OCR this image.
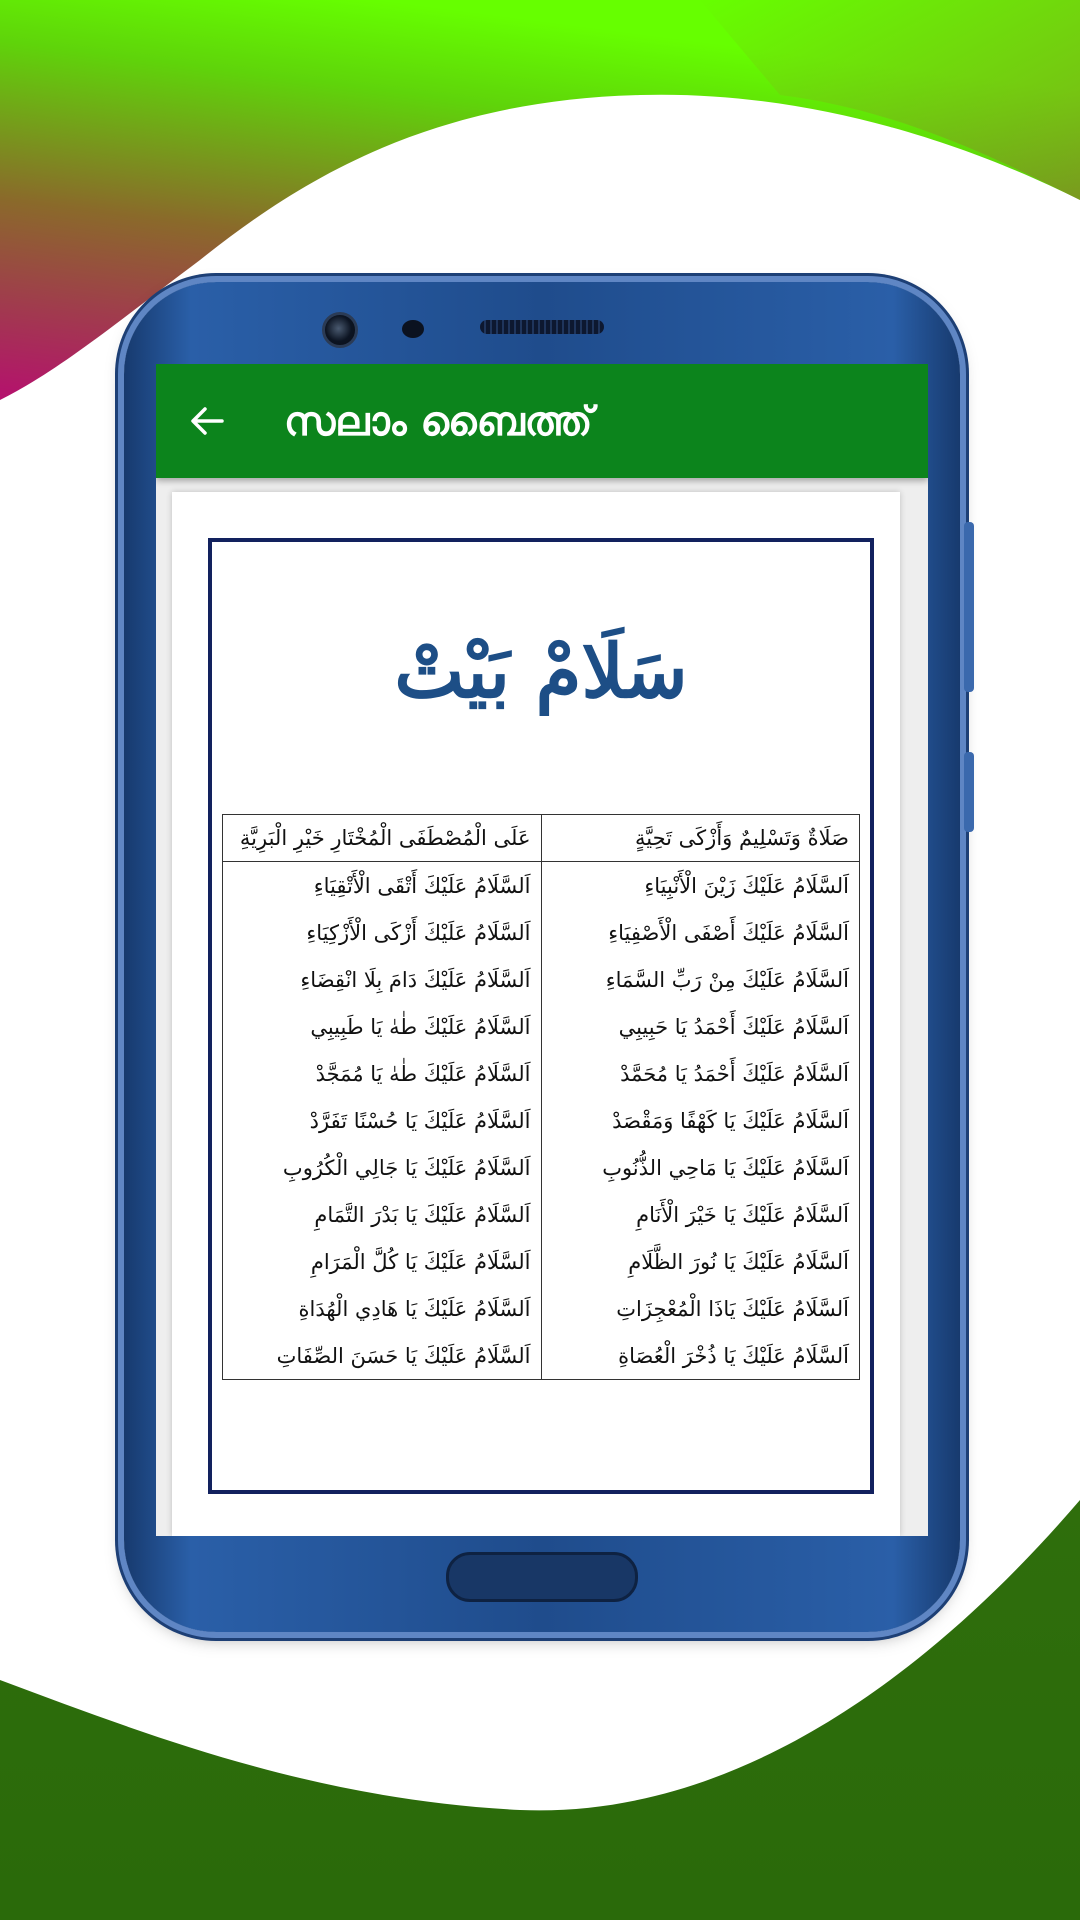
സലാം ബൈത്ത്
سَلَامْ بَيْتْ
صَلَاةٌ وَتَسْلِيمٌ وَأَزْكَى تَحِيَّةٍ	عَلَى الْمُصْطَفَى الْمُخْتَارِ خَيْرِ الْبَرِيَّةِ
اَلسَّلَامُ عَلَيْكَ زَيْنَ الْأَنْبِيَاءِ	اَلسَّلَامُ عَلَيْكَ أَتْقَى الْأَتْقِيَاءِ
اَلسَّلَامُ عَلَيْكَ أَصْفَى الْأَصْفِيَاءِ	اَلسَّلَامُ عَلَيْكَ أَزْكَى الْأَزْكِيَاءِ
اَلسَّلَامُ عَلَيْكَ مِنْ رَبِّ السَّمَاءِ	اَلسَّلَامُ عَلَيْكَ دَامَ بِلَا انْقِضَاءِ
اَلسَّلَامُ عَلَيْكَ أَحْمَدُ يَا حَبِيبِي	اَلسَّلَامُ عَلَيْكَ طٰهٰ يَا طَبِيبِي
اَلسَّلَامُ عَلَيْكَ أَحْمَدُ يَا مُحَمَّدْ	اَلسَّلَامُ عَلَيْكَ طٰهٰ يَا مُمَجَّدْ
اَلسَّلَامُ عَلَيْكَ يَا كَهْفًا وَمَقْصَدْ	اَلسَّلَامُ عَلَيْكَ يَا حُسْنًا تَفَرَّدْ
اَلسَّلَامُ عَلَيْكَ يَا مَاحِي الذُّنُوبِ	اَلسَّلَامُ عَلَيْكَ يَا جَالِي الْكُرُوبِ
اَلسَّلَامُ عَلَيْكَ يَا خَيْرَ الْأَنَامِ	اَلسَّلَامُ عَلَيْكَ يَا بَدْرَ التَّمَامِ
اَلسَّلَامُ عَلَيْكَ يَا نُورَ الظَّلَامِ	اَلسَّلَامُ عَلَيْكَ يَا كُلَّ الْمَرَامِ
اَلسَّلَامُ عَلَيْكَ يَاذَا الْمُعْجِزَاتِ	اَلسَّلَامُ عَلَيْكَ يَا هَادِي الْهُدَاةِ
اَلسَّلَامُ عَلَيْكَ يَا ذُخْرَ الْعُصَاةِ	اَلسَّلَامُ عَلَيْكَ يَا حَسَنَ الصِّفَاتِ
